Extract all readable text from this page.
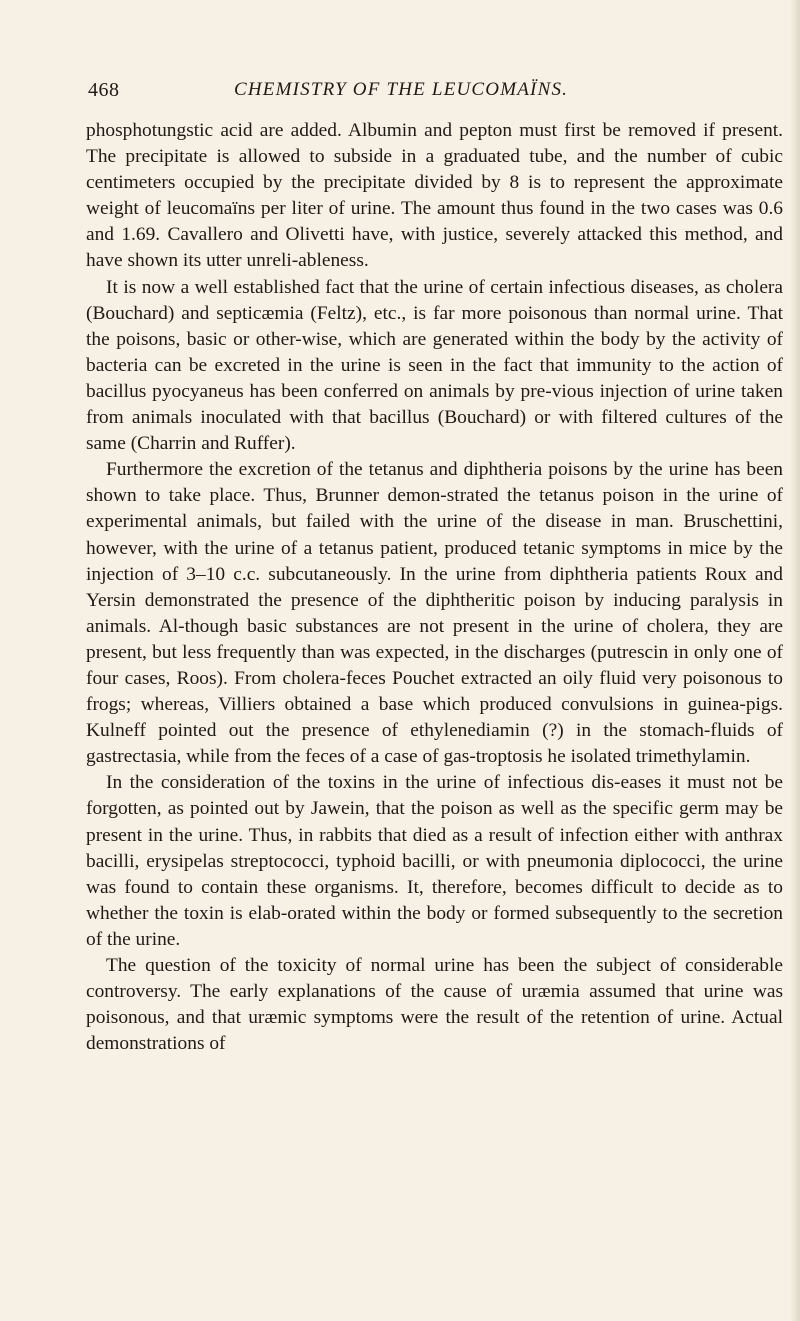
468	CHEMISTRY OF THE LEUCOMAÏNS.

phosphotungstic acid are added. Albumin and pepton must first be removed if present. The precipitate is allowed to subside in a graduated tube, and the number of cubic centimeters occupied by the precipitate divided by 8 is to represent the approximate weight of leucomaïns per liter of urine. The amount thus found in the two cases was 0.6 and 1.69. Cavallero and Olivetti have, with justice, severely attacked this method, and have shown its utter unreli-ableness.

It is now a well established fact that the urine of certain infectious diseases, as cholera (Bouchard) and septicæmia (Feltz), etc., is far more poisonous than normal urine. That the poisons, basic or other-wise, which are generated within the body by the activity of bacteria can be excreted in the urine is seen in the fact that immunity to the action of bacillus pyocyaneus has been conferred on animals by pre-vious injection of urine taken from animals inoculated with that bacillus (Bouchard) or with filtered cultures of the same (Charrin and Ruffer).

Furthermore the excretion of the tetanus and diphtheria poisons by the urine has been shown to take place. Thus, Brunner demon-strated the tetanus poison in the urine of experimental animals, but failed with the urine of the disease in man. Bruschettini, however, with the urine of a tetanus patient, produced tetanic symptoms in mice by the injection of 3–10 c.c. subcutaneously. In the urine from diphtheria patients Roux and Yersin demonstrated the presence of the diphtheritic poison by inducing paralysis in animals. Al-though basic substances are not present in the urine of cholera, they are present, but less frequently than was expected, in the discharges (putrescin in only one of four cases, Roos). From cholera-feces Pouchet extracted an oily fluid very poisonous to frogs; whereas, Villiers obtained a base which produced convulsions in guinea-pigs. Kulneff pointed out the presence of ethylenediamin (?) in the stomach-fluids of gastrectasia, while from the feces of a case of gas-troptosis he isolated trimethylamin.

In the consideration of the toxins in the urine of infectious dis-eases it must not be forgotten, as pointed out by Jawein, that the poison as well as the specific germ may be present in the urine. Thus, in rabbits that died as a result of infection either with anthrax bacilli, erysipelas streptococci, typhoid bacilli, or with pneumonia diplococci, the urine was found to contain these organisms. It, therefore, becomes difficult to decide as to whether the toxin is elab-orated within the body or formed subsequently to the secretion of the urine.

The question of the toxicity of normal urine has been the subject of considerable controversy. The early explanations of the cause of uræmia assumed that urine was poisonous, and that uræmic symptoms were the result of the retention of urine. Actual demonstrations of
